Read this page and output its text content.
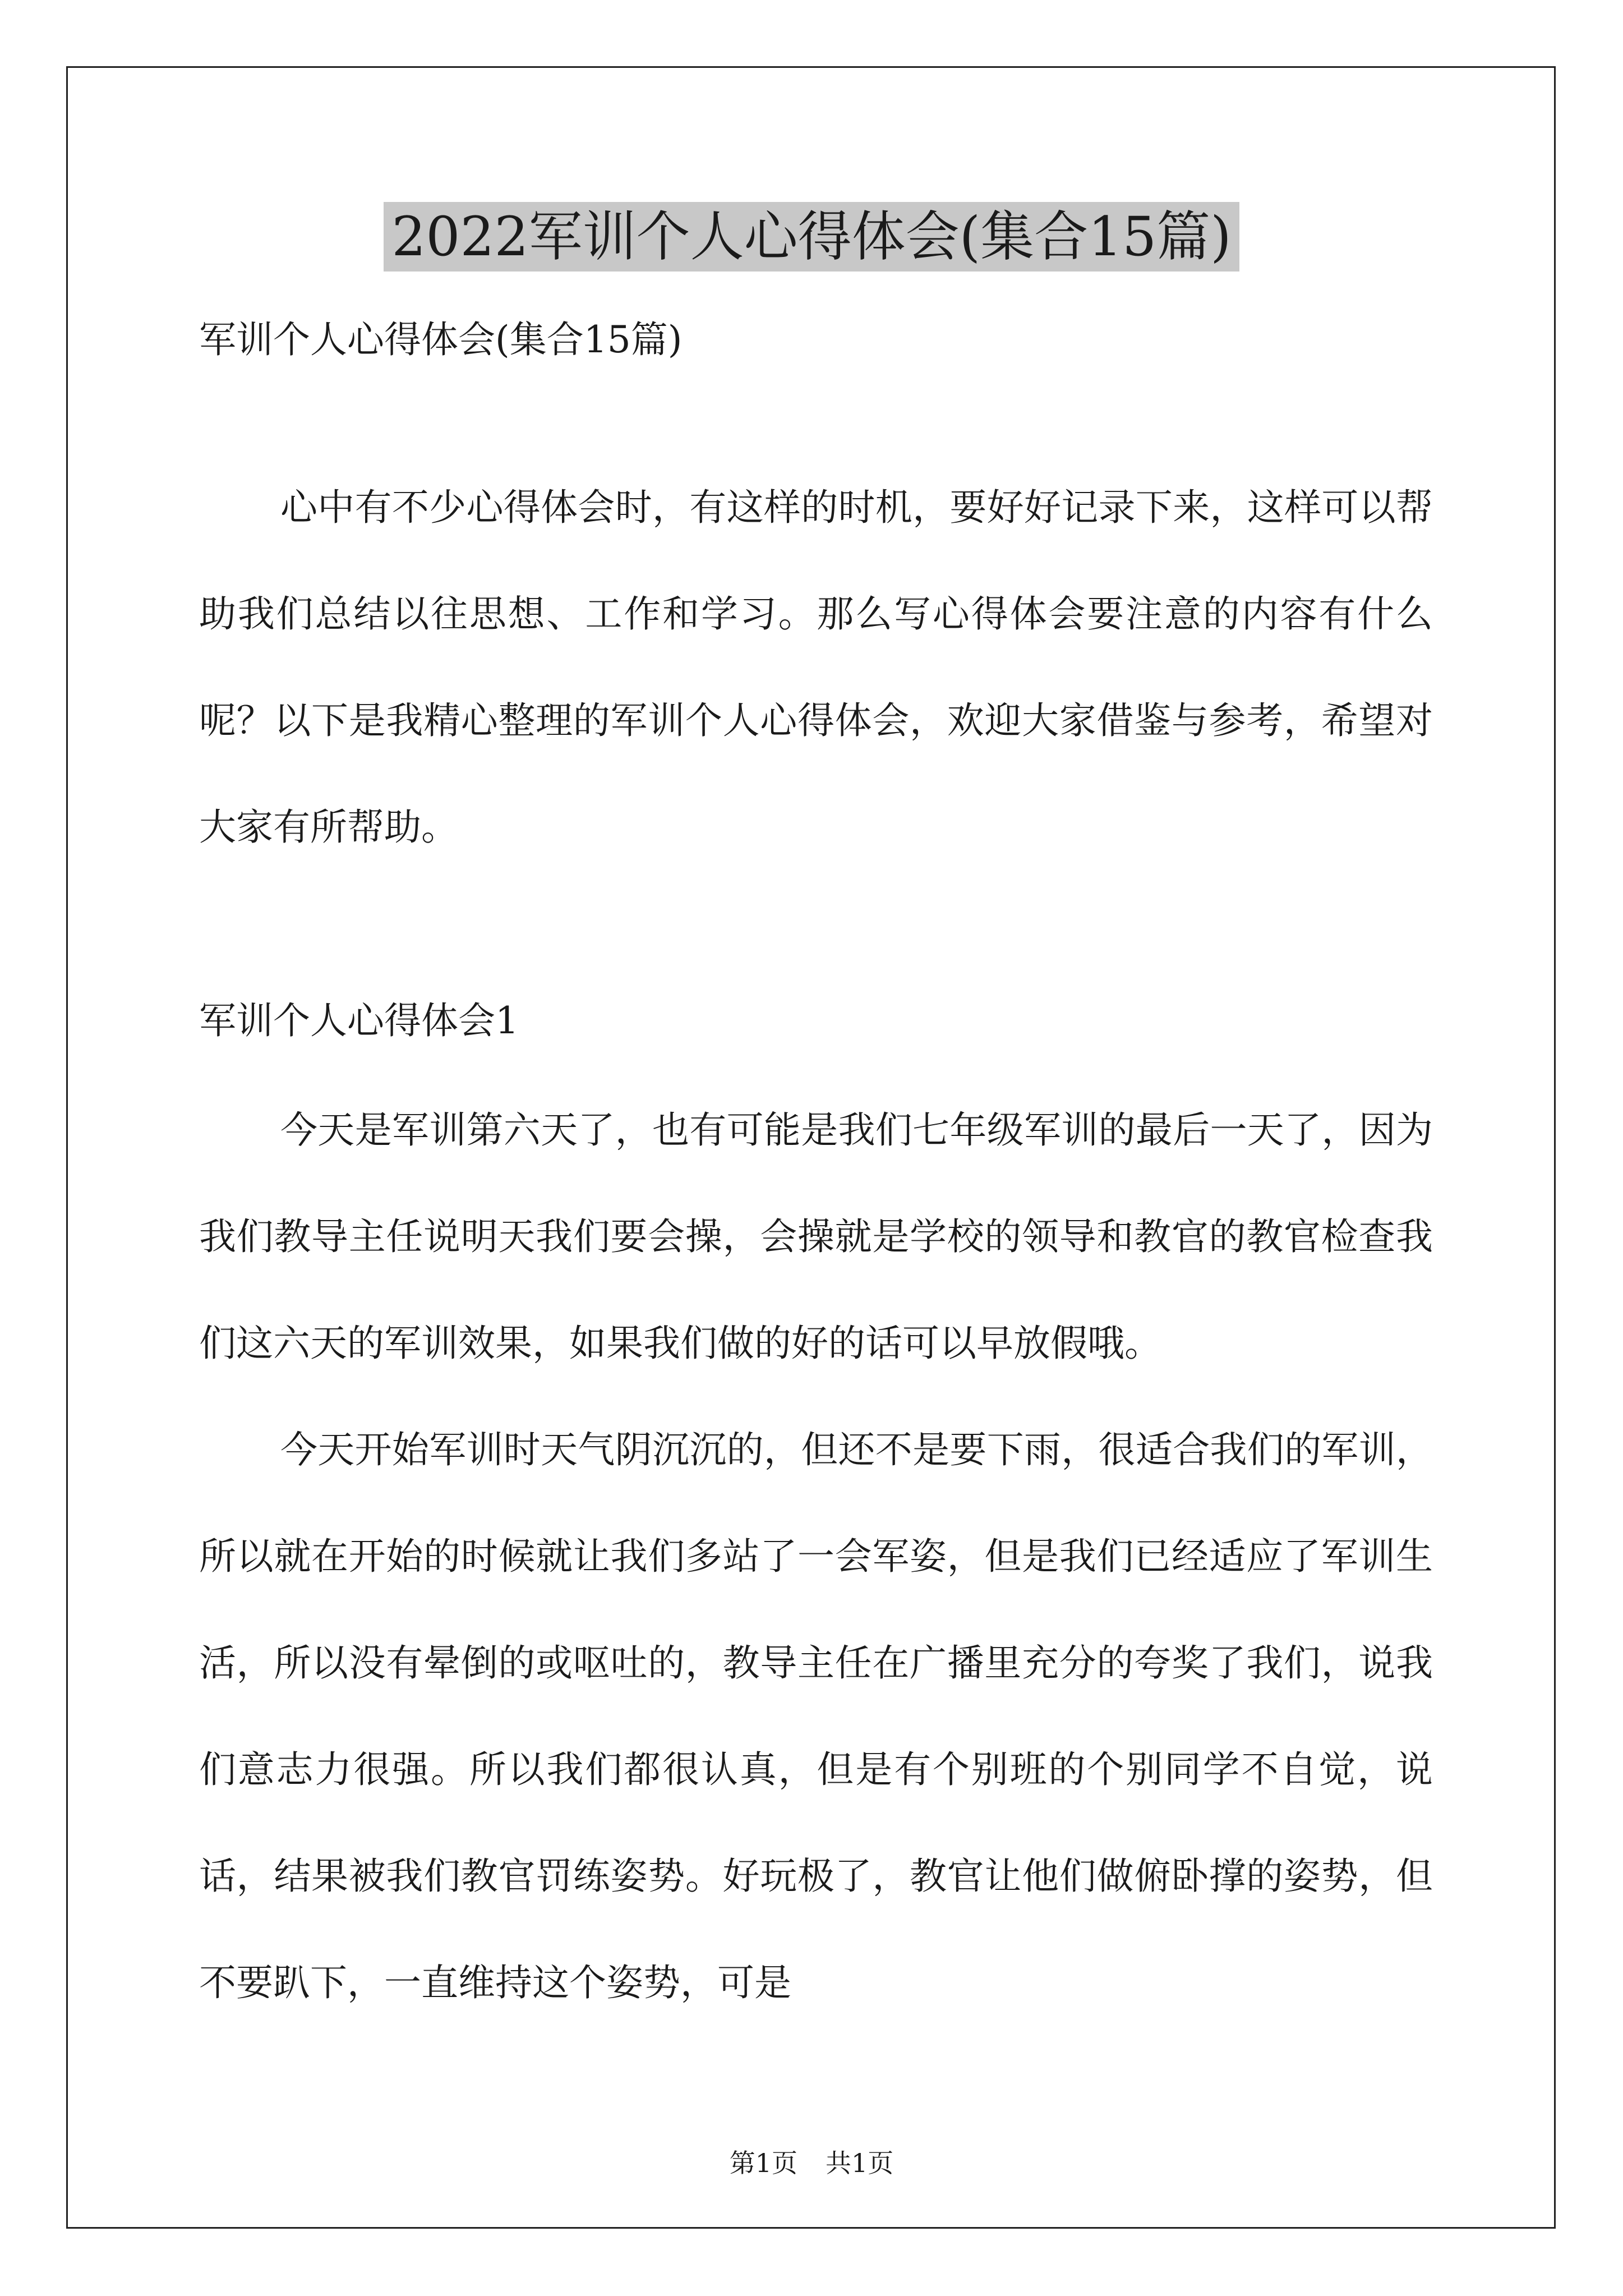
2022军训个人心得体会(集合15篇)
军训个人心得体会(集合15篇)
心中有不少心得体会时，有这样的时机，要好好记录下来，这样可以帮助我们总结以往思想、工作和学习。那么写心得体会要注意的内容有什么呢？以下是我精心整理的军训个人心得体会，欢迎大家借鉴与参考，希望对大家有所帮助。
军训个人心得体会1
今天是军训第六天了，也有可能是我们七年级军训的最后一天了，因为我们教导主任说明天我们要会操，会操就是学校的领导和教官的教官检查我们这六天的军训效果，如果我们做的好的话可以早放假哦。
今天开始军训时天气阴沉沉的，但还不是要下雨，很适合我们的军训，所以就在开始的时候就让我们多站了一会军姿，但是我们已经适应了军训生活，所以没有晕倒的或呕吐的，教导主任在广播里充分的夸奖了我们，说我们意志力很强。所以我们都很认真，但是有个别班的个别同学不自觉，说话，结果被我们教官罚练姿势。好玩极了，教官让他们做俯卧撑的姿势，但不要趴下，一直维持这个姿势，可是
第1页 共1页
